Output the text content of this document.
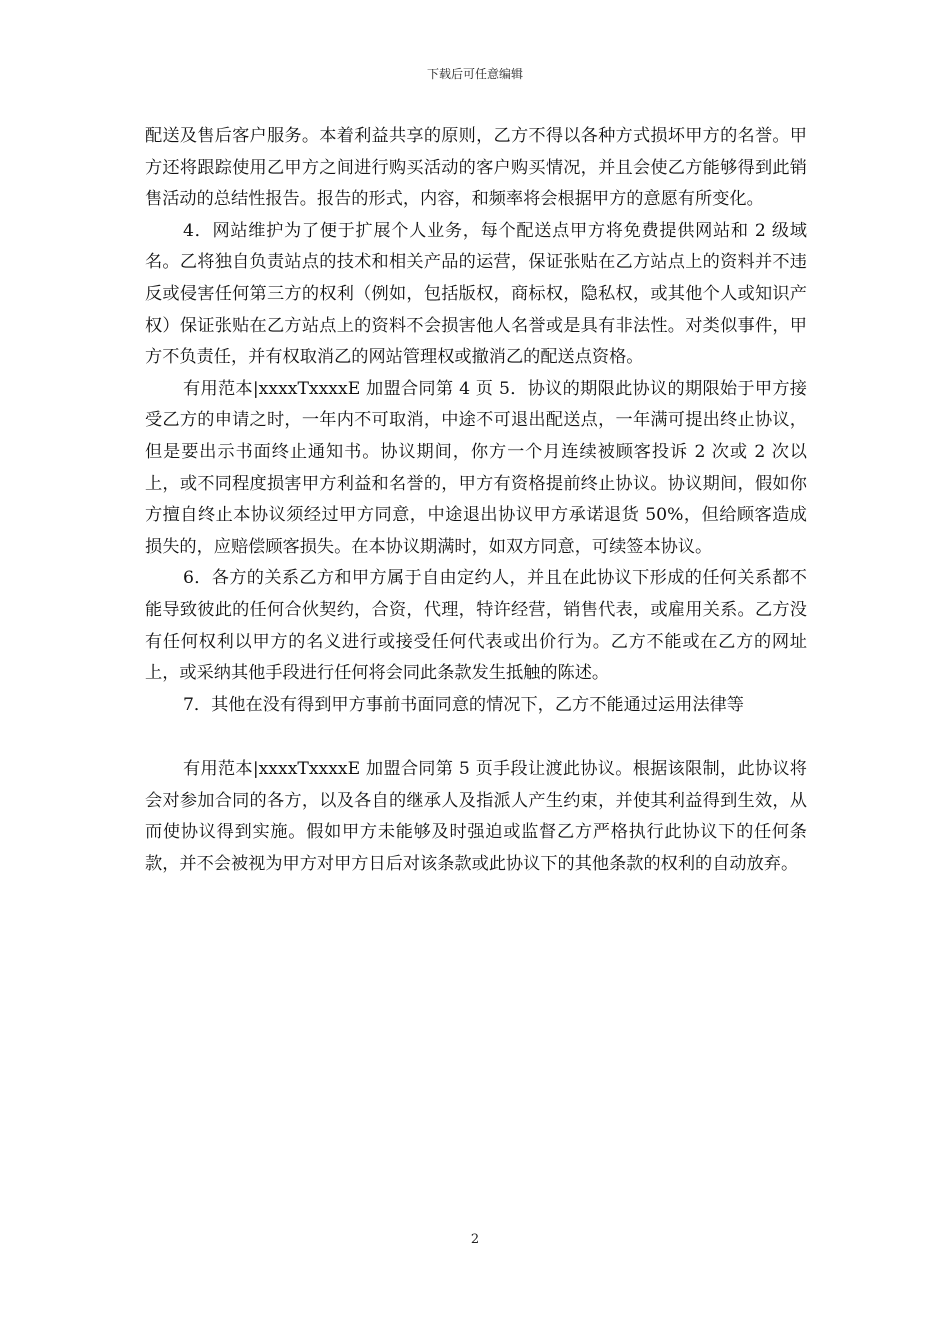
下载后可任意编辑

配送及售后客户服务。本着利益共享的原则，乙方不得以各种方式损坏甲方的名誉。甲方还将跟踪使用乙甲方之间进行购买活动的客户购买情况，并且会使乙方能够得到此销售活动的总结性报告。报告的形式，内容，和频率将会根据甲方的意愿有所变化。

4．网站维护为了便于扩展个人业务，每个配送点甲方将免费提供网站和 2 级域名。乙将独自负责站点的技术和相关产品的运营，保证张贴在乙方站点上的资料并不违反或侵害任何第三方的权利（例如，包括版权，商标权，隐私权，或其他个人或知识产权）保证张贴在乙方站点上的资料不会损害他人名誉或是具有非法性。对类似事件，甲方不负责任，并有权取消乙的网站管理权或撤消乙的配送点资格。

有用范本|xxxxTxxxxE 加盟合同第 4 页 5．协议的期限此协议的期限始于甲方接受乙方的申请之时，一年内不可取消，中途不可退出配送点，一年满可提出终止协议，但是要出示书面终止通知书。协议期间，你方一个月连续被顾客投诉 2 次或 2 次以上，或不同程度损害甲方利益和名誉的，甲方有资格提前终止协议。协议期间，假如你方擅自终止本协议须经过甲方同意，中途退出协议甲方承诺退货 50%，但给顾客造成损失的，应赔偿顾客损失。在本协议期满时，如双方同意，可续签本协议。

6．各方的关系乙方和甲方属于自由定约人，并且在此协议下形成的任何关系都不能导致彼此的任何合伙契约，合资，代理，特许经营，销售代表，或雇用关系。乙方没有任何权利以甲方的名义进行或接受任何代表或出价行为。乙方不能或在乙方的网址上，或采纳其他手段进行任何将会同此条款发生抵触的陈述。

7．其他在没有得到甲方事前书面同意的情况下，乙方不能通过运用法律等

有用范本|xxxxTxxxxE 加盟合同第 5 页手段让渡此协议。根据该限制，此协议将会对参加合同的各方，以及各自的继承人及指派人产生约束，并使其利益得到生效，从而使协议得到实施。假如甲方未能够及时强迫或监督乙方严格执行此协议下的任何条款，并不会被视为甲方对甲方日后对该条款或此协议下的其他条款的权利的自动放弃。

2
